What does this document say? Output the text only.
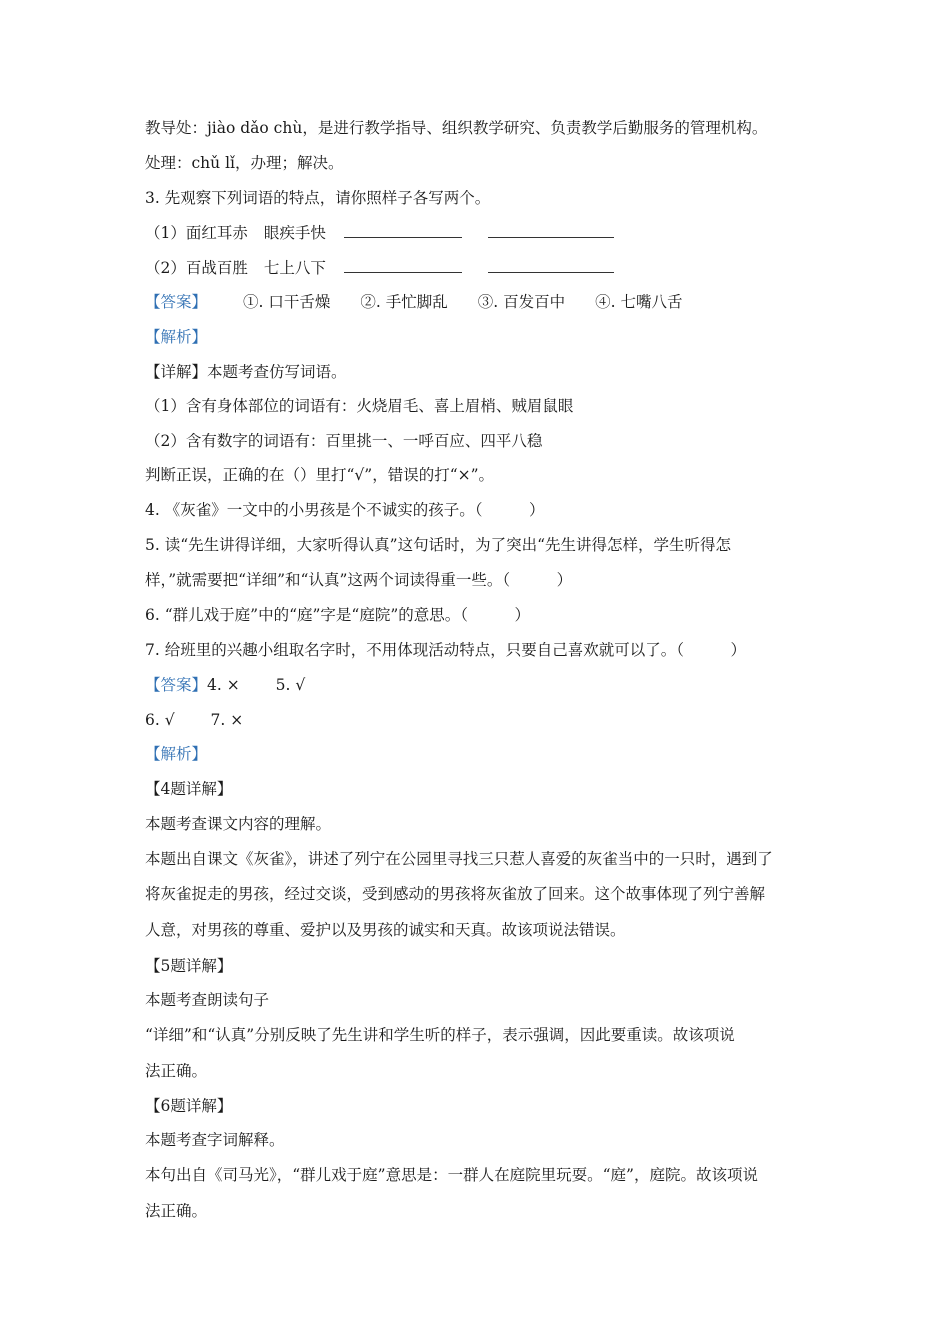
教导处：jiào dǎo chù，是进行教学指导、组织教学研究、负责教学后勤服务的管理机构。
处理：chǔ lǐ，办理；解决。
3. 先观察下列词语的特点，请你照样子各写两个。
（1）面红耳赤 眼疾手快
（2）百战百胜 七上八下
【答案】 ①. 口干舌燥 ②. 手忙脚乱 ③. 百发百中 ④. 七嘴八舌
【解析】
【详解】本题考查仿写词语。
（1）含有身体部位的词语有：火烧眉毛、喜上眉梢、贼眉鼠眼
（2）含有数字的词语有：百里挑一、一呼百应、四平八稳
判断正误，正确的在（）里打“√”，错误的打“×”。
4. 《灰雀》一文中的小男孩是个不诚实的孩子。（　　　）
5. 读“先生讲得详细，大家听得认真”这句话时，为了突出“先生讲得怎样，学生听得怎
样，”就需要把“详细”和“认真”这两个词读得重一些。（　　　）
6. “群儿戏于庭”中的“庭”字是“庭院”的意思。（　　　）
7. 给班里的兴趣小组取名字时，不用体现活动特点，只要自己喜欢就可以了。（　　　）
【答案】4. ×　　 5. √
6. √　　 7. ×
【解析】
【4题详解】
本题考查课文内容的理解。
本题出自课文《灰雀》，讲述了列宁在公园里寻找三只惹人喜爱的灰雀当中的一只时，遇到了
将灰雀捉走的男孩，经过交谈，受到感动的男孩将灰雀放了回来。这个故事体现了列宁善解
人意，对男孩的尊重、爱护以及男孩的诚实和天真。故该项说法错误。
【5题详解】
本题考查朗读句子
“详细”和“认真”分别反映了先生讲和学生听的样子，表示强调，因此要重读。故该项说
法正确。
【6题详解】
本题考查字词解释。
本句出自《司马光》，“群儿戏于庭”意思是：一群人在庭院里玩耍。“庭”，庭院。故该项说
法正确。
